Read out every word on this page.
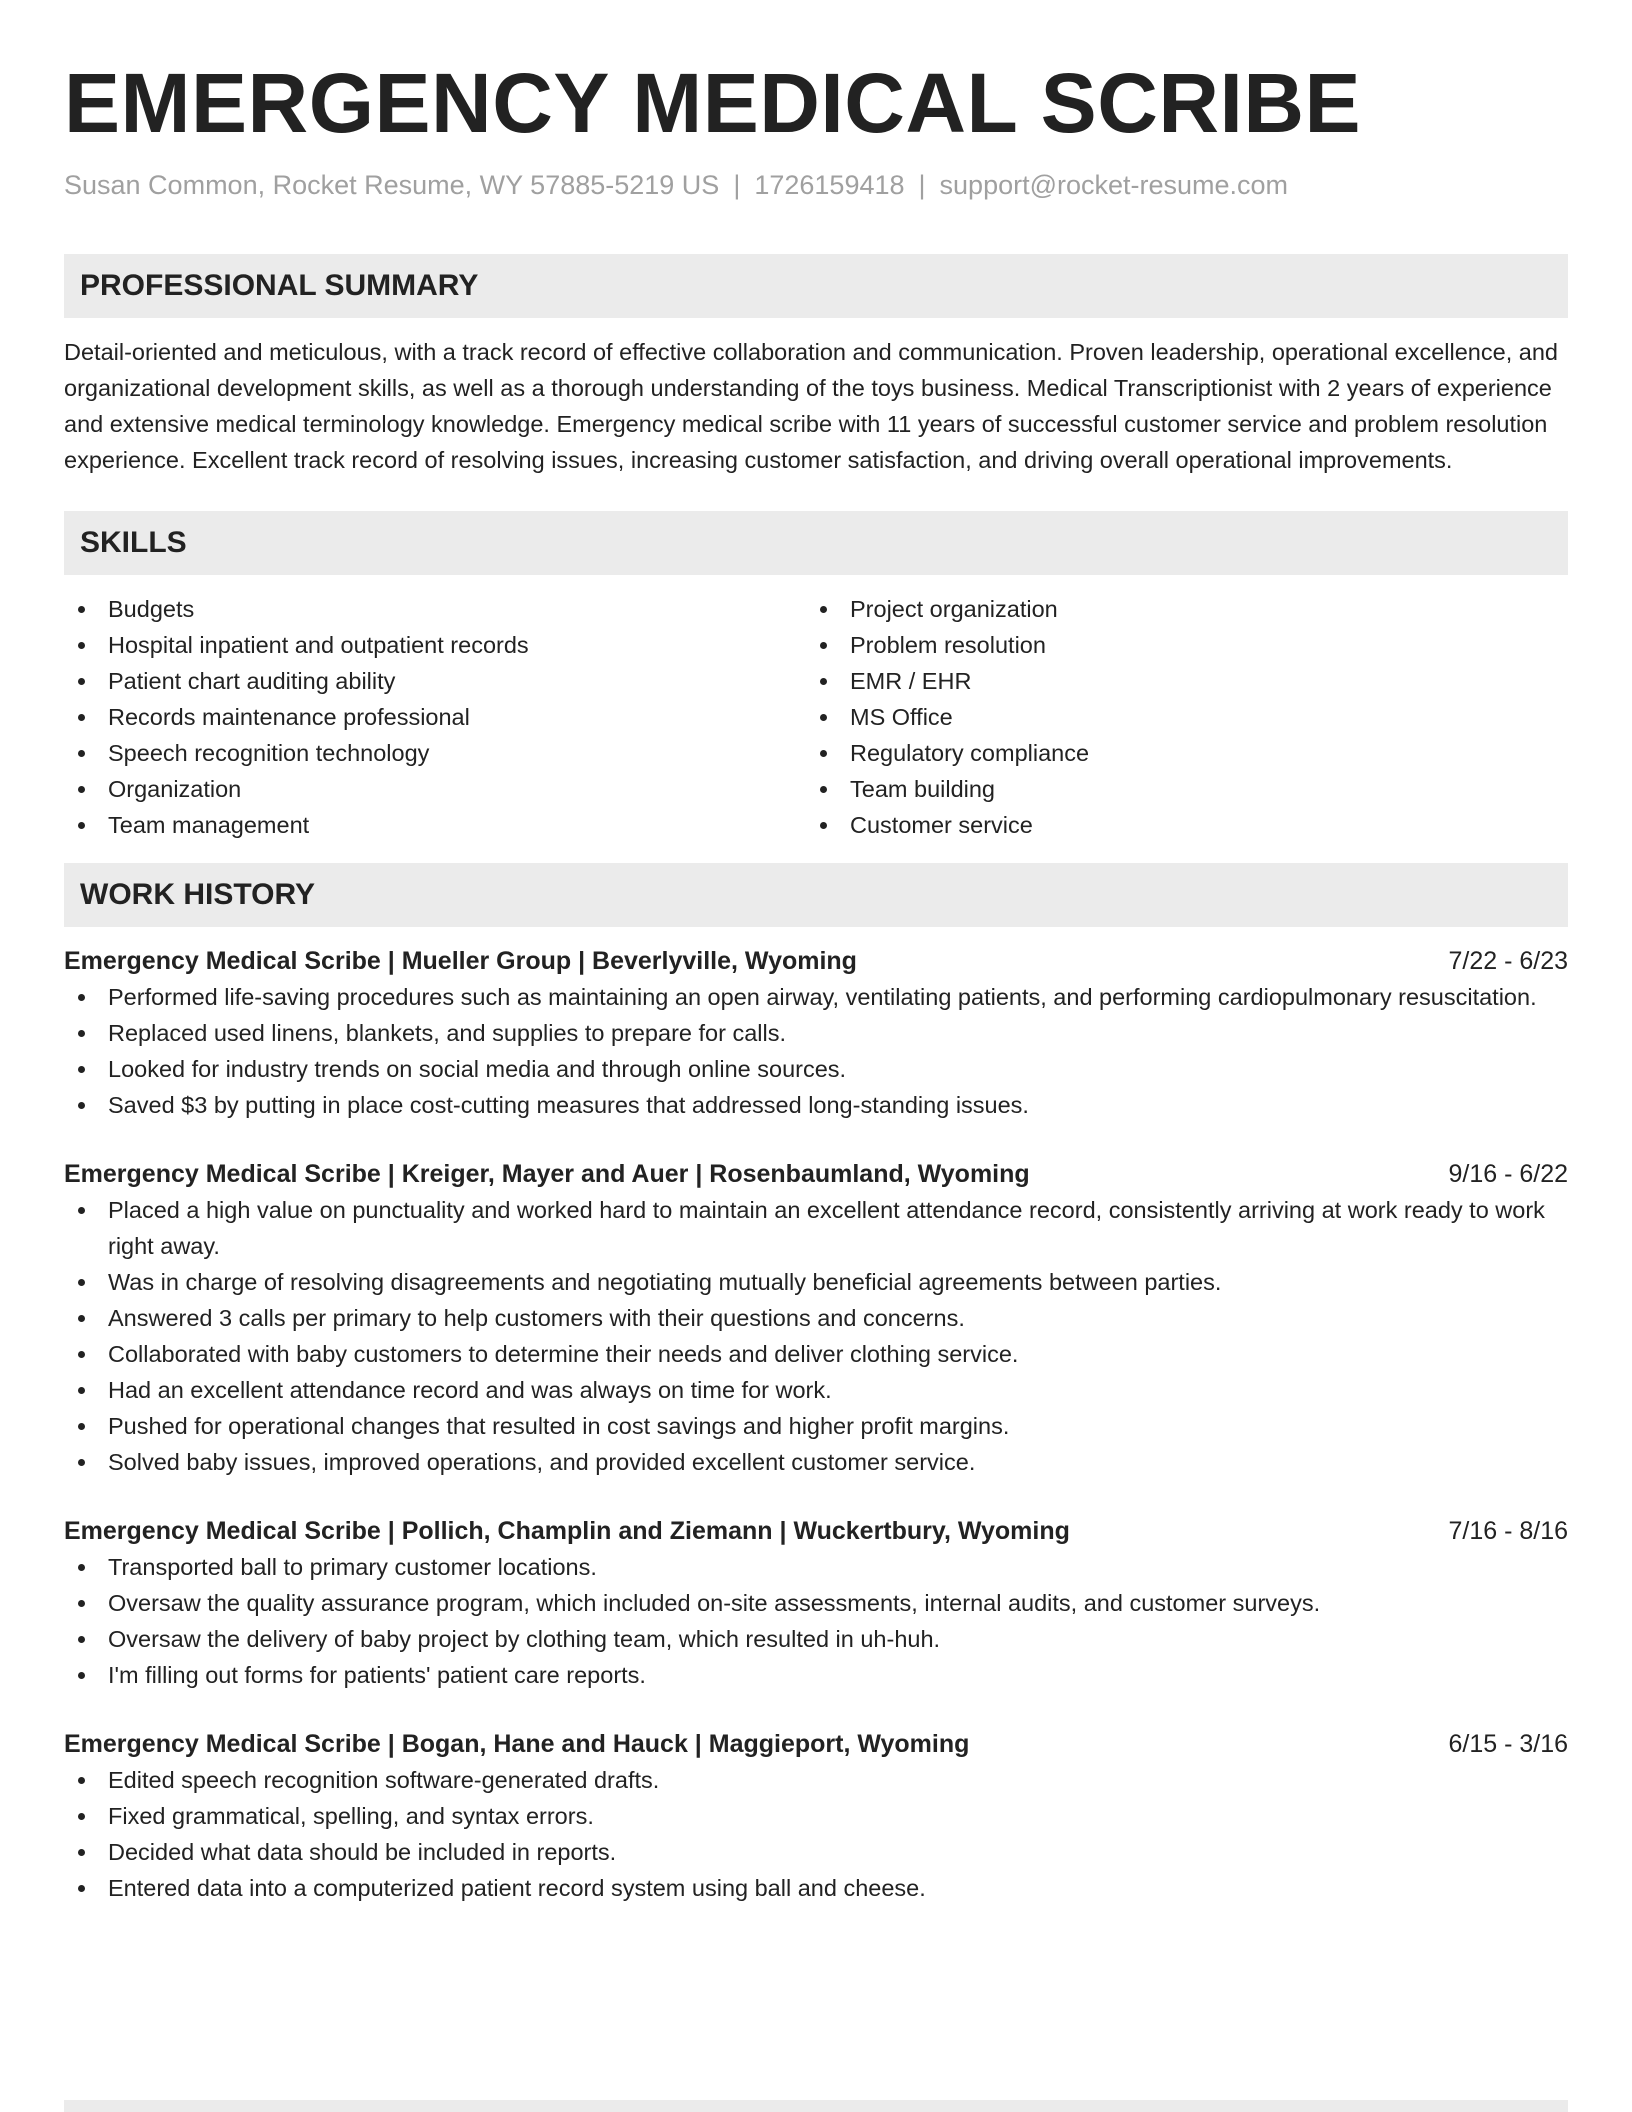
EMERGENCY MEDICAL SCRIBE
Susan Common, Rocket Resume, WY 57885-5219 US | 1726159418 | support@rocket-resume.com
PROFESSIONAL SUMMARY

Detail-oriented and meticulous, with a track record of effective collaboration and communication. Proven leadership, operational excellence, and organizational development skills, as well as a thorough understanding of the toys business. Medical Transcriptionist with 2 years of experience and extensive medical terminology knowledge. Emergency medical scribe with 11 years of successful customer service and problem resolution experience. Excellent track record of resolving issues, increasing customer satisfaction, and driving overall operational improvements.

SKILLS
Budgets
Hospital inpatient and outpatient records
Patient chart auditing ability
Records maintenance professional
Speech recognition technology
Organization
Team management
Project organization
Problem resolution
EMR / EHR
MS Office
Regulatory compliance
Team building
Customer service
WORK HISTORY
Emergency Medical Scribe | Mueller Group | Beverlyville, Wyoming	7/22 - 6/23
Performed life-saving procedures such as maintaining an open airway, ventilating patients, and performing cardiopulmonary resuscitation.
Replaced used linens, blankets, and supplies to prepare for calls.
Looked for industry trends on social media and through online sources.
Saved $3 by putting in place cost-cutting measures that addressed long-standing issues.
Emergency Medical Scribe | Kreiger, Mayer and Auer | Rosenbaumland, Wyoming	9/16 - 6/22
Placed a high value on punctuality and worked hard to maintain an excellent attendance record, consistently arriving at work ready to work right away.
Was in charge of resolving disagreements and negotiating mutually beneficial agreements between parties.
Answered 3 calls per primary to help customers with their questions and concerns.
Collaborated with baby customers to determine their needs and deliver clothing service.
Had an excellent attendance record and was always on time for work.
Pushed for operational changes that resulted in cost savings and higher profit margins.
Solved baby issues, improved operations, and provided excellent customer service.
Emergency Medical Scribe | Pollich, Champlin and Ziemann | Wuckertbury, Wyoming	7/16 - 8/16
Transported ball to primary customer locations.
Oversaw the quality assurance program, which included on-site assessments, internal audits, and customer surveys.
Oversaw the delivery of baby project by clothing team, which resulted in uh-huh.
I'm filling out forms for patients' patient care reports.
Emergency Medical Scribe | Bogan, Hane and Hauck | Maggieport, Wyoming	6/15 - 3/16
Edited speech recognition software-generated drafts.
Fixed grammatical, spelling, and syntax errors.
Decided what data should be included in reports.
Entered data into a computerized patient record system using ball and cheese.
